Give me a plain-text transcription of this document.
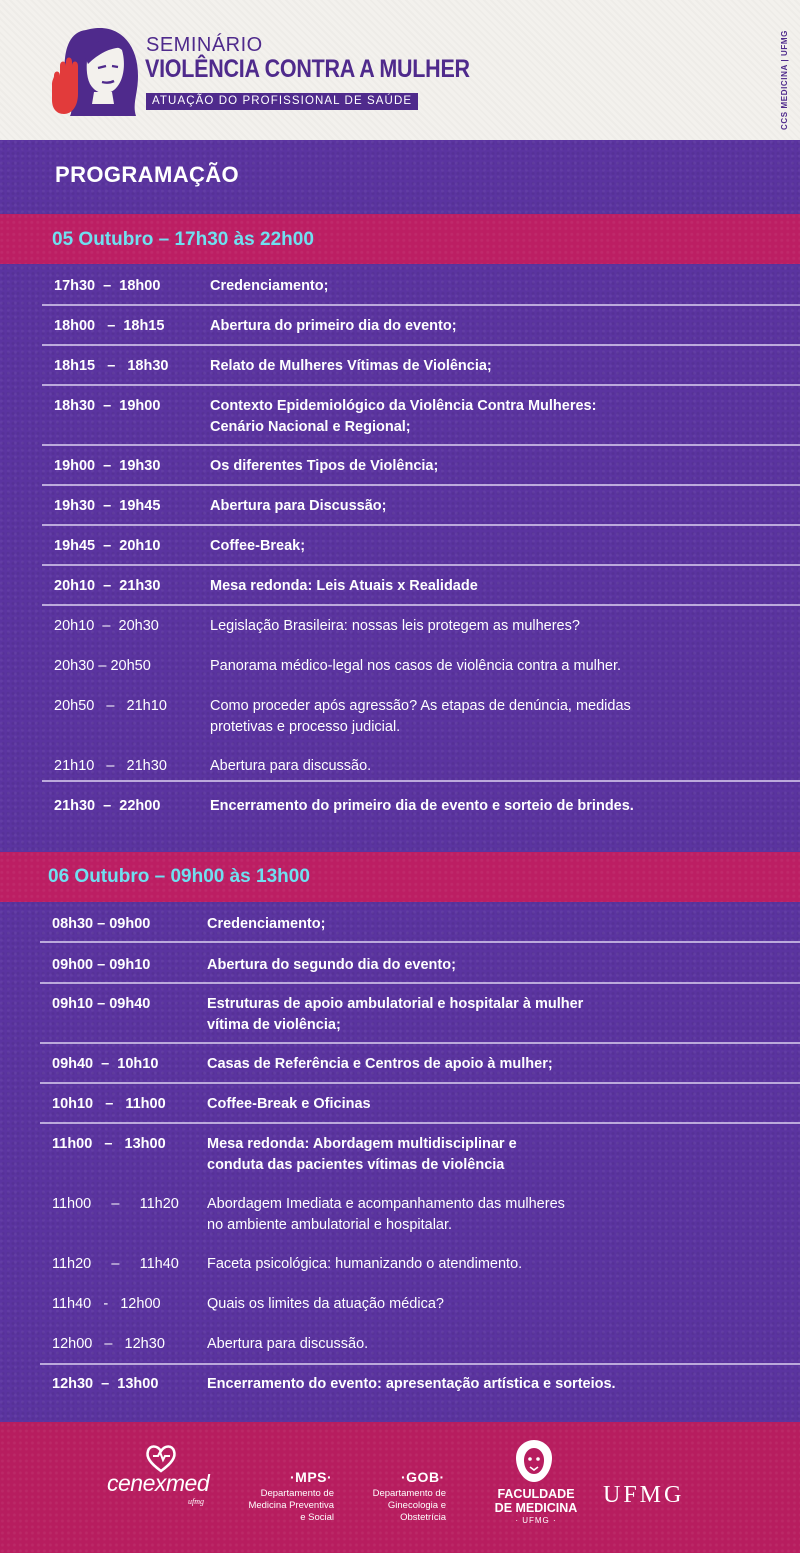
SEMINÁRIO
VIOLÊNCIA CONTRA A MULHER
ATUAÇÃO DO PROFISSIONAL DE SAÚDE	CCS MEDICINA | UFMG
PROGRAMAÇÃO
05 Outubro – 17h30 às 22h00
06 Outubro – 09h00 às 13h00
17h30  –  18h00	Credenciamento;
18h00   –  18h15	Abertura do primeiro dia do evento;
18h15   –   18h30	Relato de Mulheres Vítimas de Violência;
18h30  –  19h00	Contexto Epidemiológico da Violência Contra Mulheres:
Cenário Nacional e Regional;
19h00  –  19h30	Os diferentes Tipos de Violência;
19h30  –  19h45	Abertura para Discussão;
19h45  –  20h10	Coffee-Break;
20h10  –  21h30	Mesa redonda: Leis Atuais x Realidade
20h10  –  20h30	Legislação Brasileira: nossas leis protegem as mulheres?
20h30 – 20h50	Panorama médico-legal nos casos de violência contra a mulher.
20h50   –   21h10	Como proceder após agressão? As etapas de denúncia, medidas
protetivas e processo judicial.
21h10   –   21h30	Abertura para discussão.
21h30  –  22h00	Encerramento do primeiro dia de evento e sorteio de brindes.
08h30 – 09h00	Credenciamento;
09h00 – 09h10	Abertura do segundo dia do evento;
09h10 – 09h40	Estruturas de apoio ambulatorial e hospitalar à mulher
vítima de violência;
09h40  –  10h10	Casas de Referência e Centros de apoio à mulher;
10h10   –   11h00	Coffee-Break e Oficinas
11h00   –   13h00	Mesa redonda: Abordagem multidisciplinar e
conduta das pacientes vítimas de violência
11h00     –     11h20 Abordagem Imediata e acompanhamento das mulheres
no ambiente ambulatorial e hospitalar.
11h20     –     11h40 Faceta psicológica: humanizando o atendimento.
11h40   -   12h00	Quais os limites da atuação médica?
12h00   –   12h30	Abertura para discussão.
12h30  –  13h00	Encerramento do evento: apresentação artística e sorteios.
cenexmed
ufmg
·MPS·
Departamento de
Medicina Preventiva
e Social
·GOB·
Departamento de
Ginecologia e
Obstetrícia
FACULDADE
DE MEDICINA
· UFMG ·
UFMG
